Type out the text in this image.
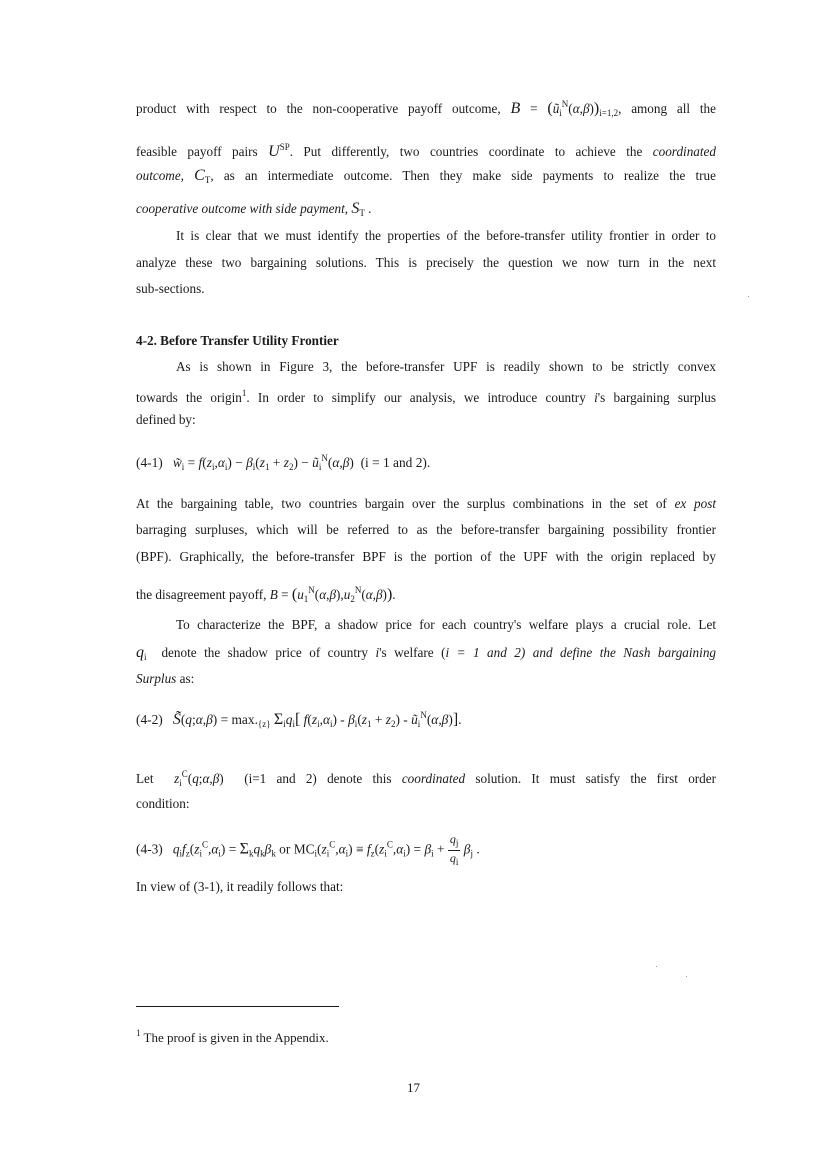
product with respect to the non-cooperative payoff outcome, $B = (ũ_i^N(\alpha,\beta))_{i=1,2}$, among all the
feasible payoff pairs $U^{SP}$. Put differently, two countries coordinate to achieve the coordinated
outcome, $C_T$, as an intermediate outcome. Then they make side payments to realize the true
cooperative outcome with side payment, $S_T$ .
It is clear that we must identify the properties of the before-transfer utility frontier in order to
analyze these two bargaining solutions. This is precisely the question we now turn in the next
sub-sections.
4-2. Before Transfer Utility Frontier
As is shown in Figure 3, the before-transfer UPF is readily shown to be strictly convex
towards the origin$^1$. In order to simplify our analysis, we introduce country i's bargaining surplus
defined by:
(4-1) $w̃_i = f(z_i,\alpha_i) - \beta_i(z_1 + z_2)$ − $ũ_i^N(\alpha,\beta) (i = 1$ and 2).
At the bargaining table, two countries bargain over the surplus combinations in the set of ex post
barraging surpluses, which will be referred to as the before-transfer bargaining possibility frontier
(BPF). Graphically, the before-transfer BPF is the portion of the UPF with the origin replaced by
the disagreement payoff, $B = (u_1^N(\alpha,\beta),u_2^N(\alpha,\beta))$.
To characterize the BPF, a shadow price for each country's welfare plays a crucial role. Let
$q_i$ denote the shadow price of country i's welfare (i = 1 and 2) and define the Nash bargaining
Surplus as:
(4-2) S̃(q;α,β) = $\max._{\{z\}}$ $\Sigma_iq_i$[ $f(z_i,\alpha_i) - \beta_i(z_1 + z_2)$ - $ũ_i^N(\alpha,\beta)$].
Let $z_i^C(q;\alpha,\beta)$  (i=1 and 2) denote this coordinated solution. It must satisfy the first order
condition:
(4-3) $q_if_z(z_i^C,\alpha_i) = \Sigma_kq_k\beta_k$ or $MC_i(z_i^C,\alpha_i) \equiv f_z(z_i^C,\alpha_i) = \beta_i + \frac{q_j}{q_i} \beta_j$ .
In view of (3-1), it readily follows that:
$^1$ The proof is given in the Appendix.
17
